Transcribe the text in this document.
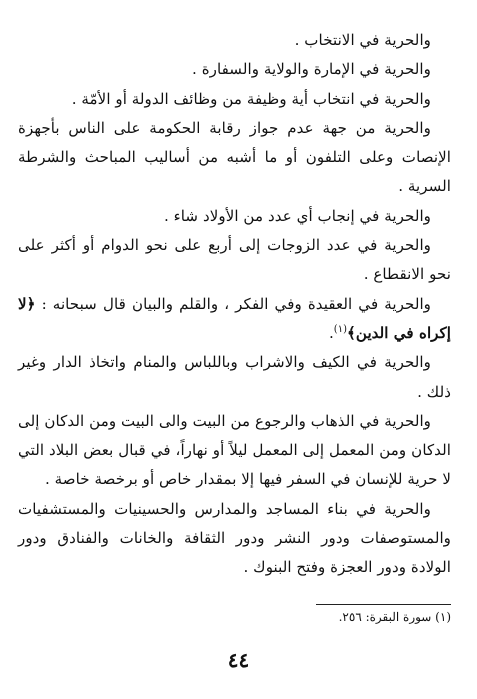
والحرية في الانتخاب .

والحرية في الإمارة والولاية والسفارة .

والحرية في انتخاب أية وظيفة من وظائف الدولة أو الأمّة .

والحرية من جهة عدم جواز رقابة الحكومة على الناس بأجهزة الإنصات وعلى التلفون أو ما أشبه من أساليب المباحث والشرطة السرية .

والحرية في إنجاب أي عدد من الأولاد شاء .

والحرية في عدد الزوجات إلى أربع على نحو الدوام أو أكثر على نحو الانقطاع .

والحرية في العقيدة وفي الفكر ، والقلم والبيان قال سبحانه : ﴿لا إكراه في الدين﴾$^{(١)}$.

والحرية في الكيف والاشراب وباللباس والمنام واتخاذ الدار وغير ذلك .

والحرية في الذهاب والرجوع من البيت والى البيت ومن الدكان إلى الدكان ومن المعمل إلى المعمل ليلاً أو نهاراً، في قبال بعض البلاد التي لا حرية للإنسان في السفر فيها إلا بمقدار خاص أو برخصة خاصة .

والحرية في بناء المساجد والمدارس والحسينيات والمستشفيات والمستوصفات ودور النشر ودور الثقافة والخانات والفنادق ودور الولادة ودور العجزة وفتح البنوك .

(١) سورة البقرة: ٢٥٦.
٤٤
